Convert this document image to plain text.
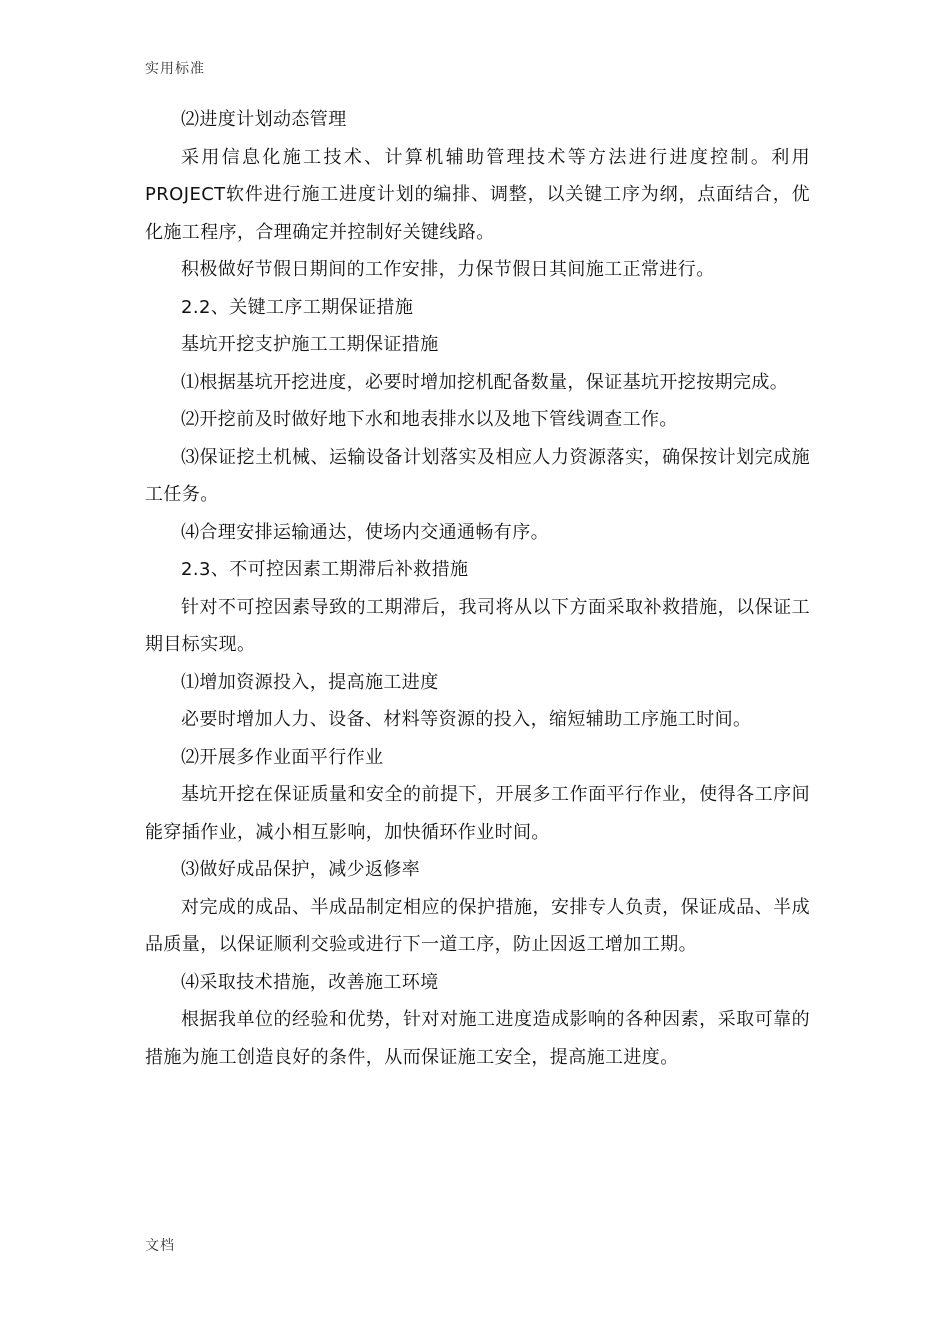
实用标准

⑵进度计划动态管理

采用信息化施工技术、计算机辅助管理技术等方法进行进度控制。利用PROJECT软件进行施工进度计划的编排、调整，以关键工序为纲，点面结合，优化施工程序，合理确定并控制好关键线路。

积极做好节假日期间的工作安排，力保节假日其间施工正常进行。

2.2、关键工序工期保证措施

基坑开挖支护施工工期保证措施

⑴根据基坑开挖进度，必要时增加挖机配备数量，保证基坑开挖按期完成。

⑵开挖前及时做好地下水和地表排水以及地下管线调查工作。

⑶保证挖土机械、运输设备计划落实及相应人力资源落实，确保按计划完成施工任务。

⑷合理安排运输通达，使场内交通通畅有序。

2.3、不可控因素工期滞后补救措施

针对不可控因素导致的工期滞后，我司将从以下方面采取补救措施，以保证工期目标实现。

⑴增加资源投入，提高施工进度

必要时增加人力、设备、材料等资源的投入，缩短辅助工序施工时间。

⑵开展多作业面平行作业

基坑开挖在保证质量和安全的前提下，开展多工作面平行作业，使得各工序间能穿插作业，减小相互影响，加快循环作业时间。

⑶做好成品保护，减少返修率

对完成的成品、半成品制定相应的保护措施，安排专人负责，保证成品、半成品质量，以保证顺利交验或进行下一道工序，防止因返工增加工期。

⑷采取技术措施，改善施工环境

根据我单位的经验和优势，针对对施工进度造成影响的各种因素，采取可靠的措施为施工创造良好的条件，从而保证施工安全，提高施工进度。

文档
